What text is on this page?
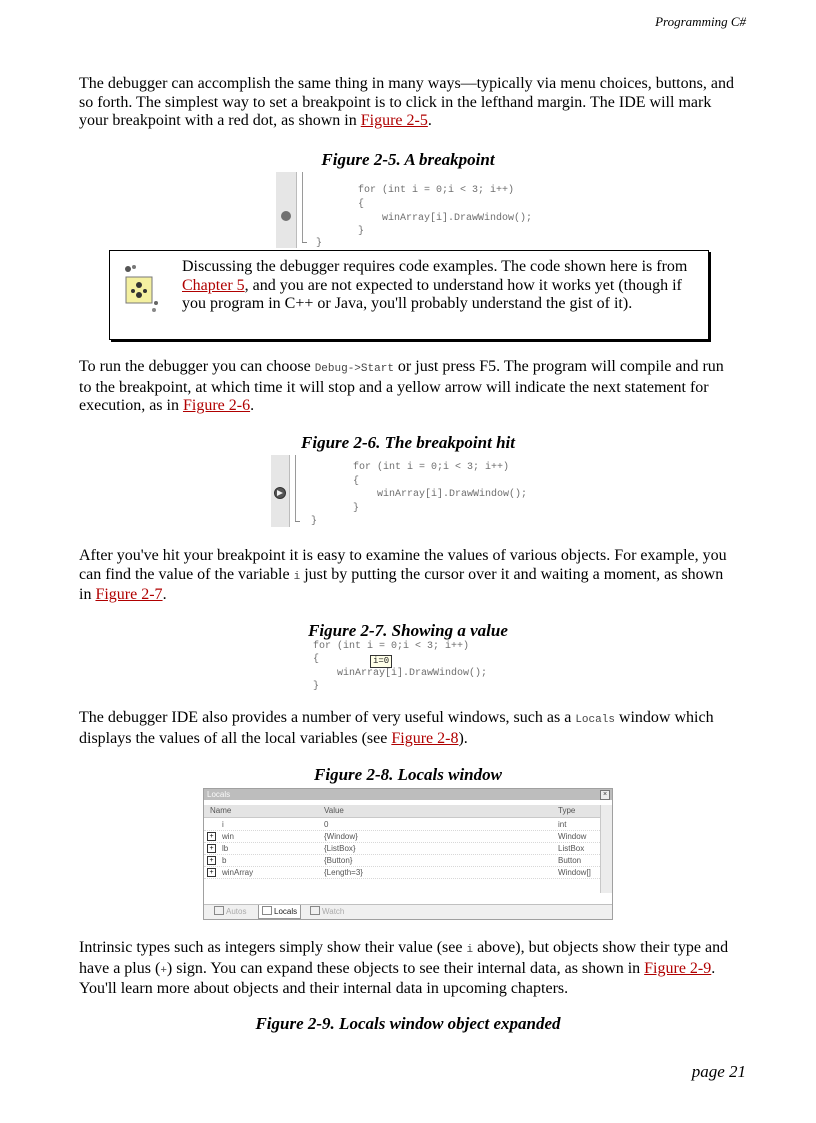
Programming C#

The debugger can accomplish the same thing in many ways—typically via menu choices, buttons, and so forth. The simplest way to set a breakpoint is to click in the lefthand margin. The IDE will mark your breakpoint with a red dot, as shown in Figure 2-5.

Figure 2-5. A breakpoint
for (int i = 0;i < 3; i++)
{
winArray[i].DrawWindow();
}
}

Discussing the debugger requires code examples. The code shown here is from Chapter 5, and you are not expected to understand how it works yet (though if you program in C++ or Java, you'll probably understand the gist of it).

To run the debugger you can choose Debug->Start or just press F5. The program will compile and run to the breakpoint, at which time it will stop and a yellow arrow will indicate the next statement for execution, as in Figure 2-6.

Figure 2-6. The breakpoint hit
for (int i = 0;i < 3; i++)
{
winArray[i].DrawWindow();
}
}

After you've hit your breakpoint it is easy to examine the values of various objects. For example, you can find the value of the variable i just by putting the cursor over it and waiting a moment, as shown in Figure 2-7.

Figure 2-7. Showing a value
for (int i = 0;i < 3; i++)
{
winArray[i].DrawWindow();
}
i=0

The debugger IDE also provides a number of very useful windows, such as a Locals window which displays the values of all the local variables (see Figure 2-8).

Figure 2-8. Locals window
Locals	×
Name	Value	Type
i	0	int
+	win	{Window}	Window
+	lb	{ListBox}	ListBox
+	b	{Button}	Button
+	winArray	{Length=3}	Window[]
Autos	Locals	Watch

Intrinsic types such as integers simply show their value (see i above), but objects show their type and have a plus (+) sign. You can expand these objects to see their internal data, as shown in Figure 2-9. You'll learn more about objects and their internal data in upcoming chapters.

Figure 2-9. Locals window object expanded
page 21
